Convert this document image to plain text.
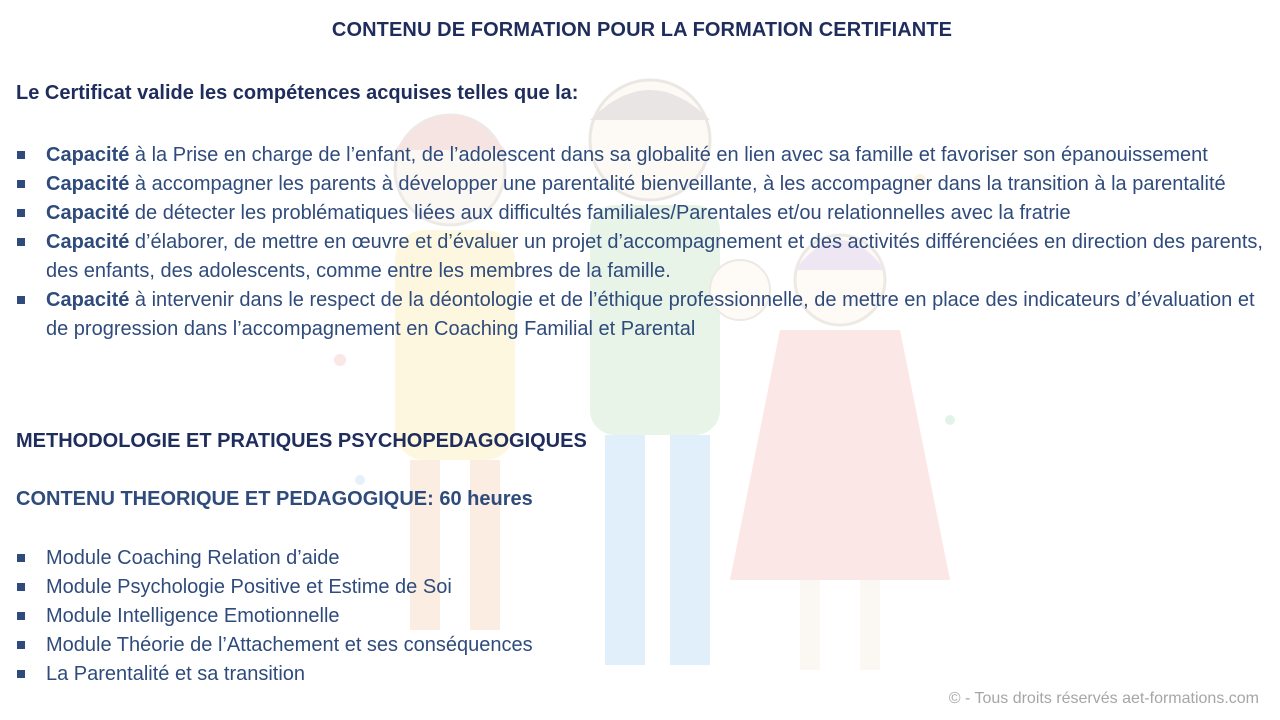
CONTENU DE FORMATION POUR LA FORMATION CERTIFIANTE
Le Certificat valide les compétences acquises telles que la:
Capacité à la Prise en charge de l’enfant, de l’adolescent dans sa globalité en lien avec sa famille et favoriser son épanouissement
Capacité à accompagner les parents à développer une parentalité bienveillante, à les accompagner dans la transition à la parentalité
Capacité de détecter les problématiques liées aux difficultés familiales/Parentales et/ou relationnelles avec la fratrie
Capacité d’élaborer, de mettre en œuvre et d’évaluer un projet d’accompagnement et des activités différenciées en direction des parents, des enfants, des adolescents, comme entre les membres de la famille.
Capacité à intervenir dans le respect de la déontologie et de l’éthique professionnelle, de mettre en place des indicateurs d’évaluation et de progression dans l’accompagnement en Coaching Familial et Parental
METHODOLOGIE ET PRATIQUES PSYCHOPEDAGOGIQUES
CONTENU THEORIQUE ET PEDAGOGIQUE: 60 heures
Module Coaching Relation d’aide
Module Psychologie Positive et Estime de Soi
Module Intelligence Emotionnelle
Module Théorie de l’Attachement et ses conséquences
La Parentalité et sa transition
© - Tous droits réservés aet-formations.com
